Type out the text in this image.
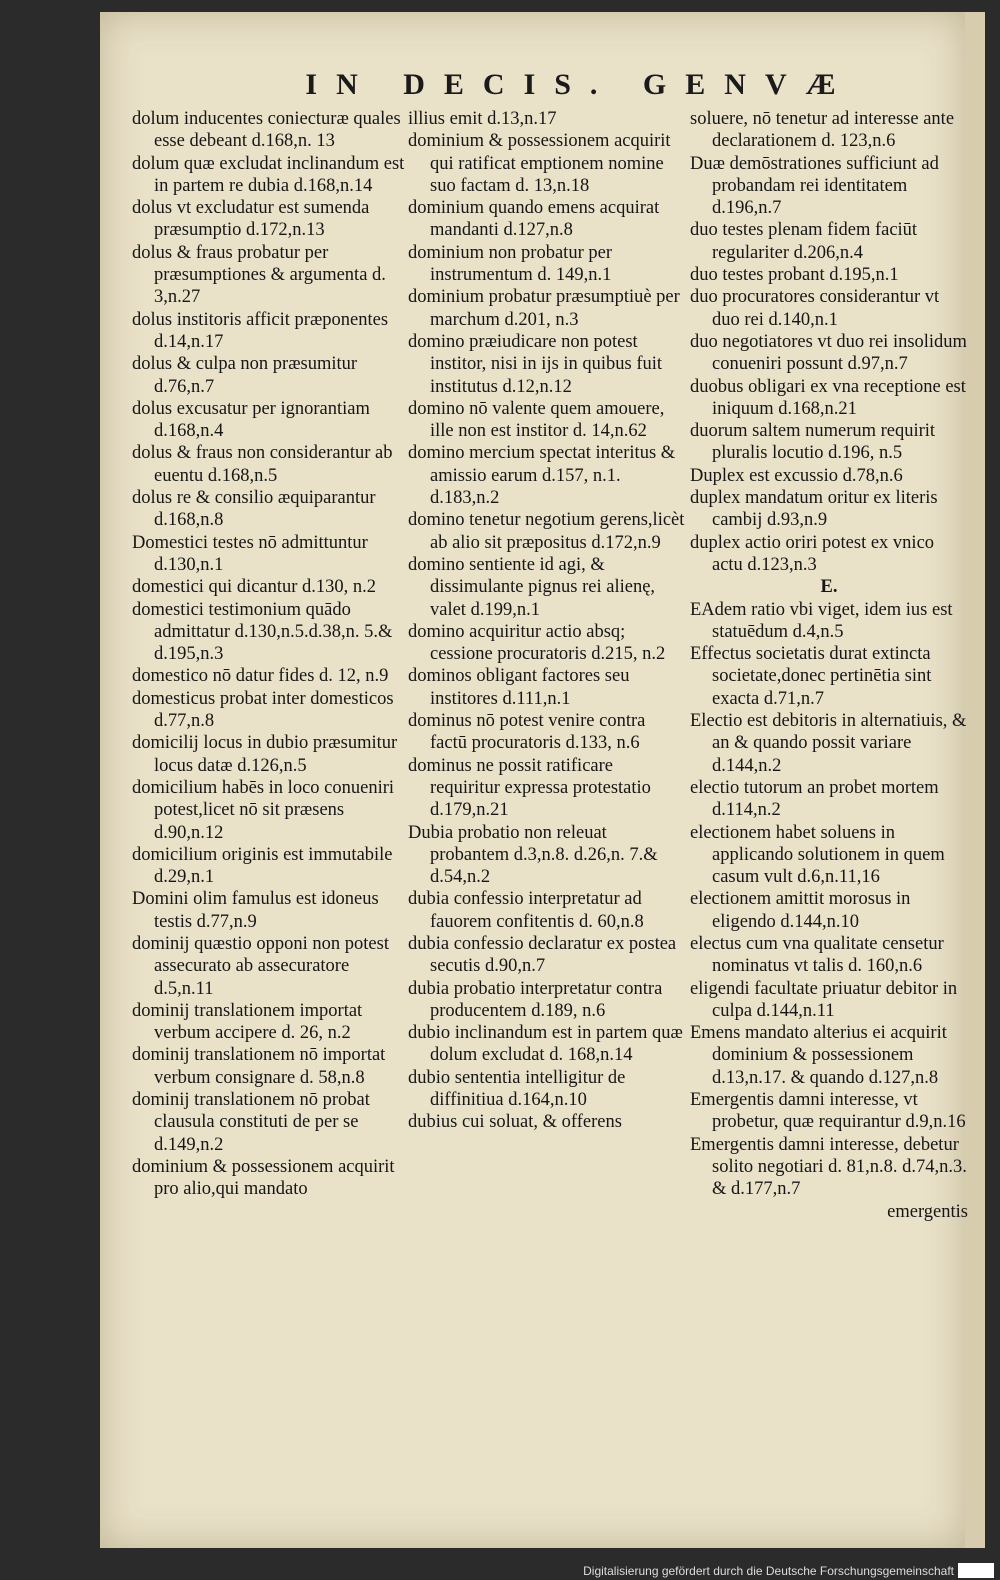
IN DECIS. GENVÆ
dolum inducentes coniecturæ quales esse debeant d.168,n. 13
dolum quæ excludat inclinandum est in partem re dubia d.168,n.14
dolus vt excludatur est sumenda præsumptio d.172,n.13
dolus & fraus probatur per præsumptiones & argumenta d. 3,n.27
dolus institoris afficit præponentes d.14,n.17
dolus & culpa non præsumitur d.76,n.7
dolus excusatur per ignorantiam d.168,n.4
dolus & fraus non considerantur ab euentu d.168,n.5
dolus re & consilio æquiparantur d.168,n.8
Domestici testes nō admittuntur d.130,n.1
domestici qui dicantur d.130, n.2
domestici testimonium quādo admittatur d.130,n.5.d.38,n. 5.& d.195,n.3
domestico nō datur fides d. 12, n.9
domesticus probat inter domesticos d.77,n.8
domicilij locus in dubio præsumitur locus datæ d.126,n.5
domicilium habēs in loco conueniri potest,licet nō sit præsens d.90,n.12
domicilium originis est immutabile d.29,n.1
Domini olim famulus est idoneus testis d.77,n.9
dominij quæstio opponi non potest assecurato ab assecuratore d.5,n.11
dominij translationem importat verbum accipere d. 26, n.2
dominij translationem nō importat verbum consignare d. 58,n.8
dominij translationem nō probat clausula constituti de per se d.149,n.2
dominium & possessionem acquirit pro alio,qui mandato
illius emit d.13,n.17
dominium & possessionem acquirit qui ratificat emptionem nomine suo factam d. 13,n.18
dominium quando emens acquirat mandanti d.127,n.8
dominium non probatur per instrumentum d. 149,n.1
dominium probatur præsumptiuè per marchum d.201, n.3
domino præiudicare non potest institor, nisi in ijs in quibus fuit institutus d.12,n.12
domino nō valente quem amouere, ille non est institor d. 14,n.62
domino mercium spectat interitus & amissio earum d.157, n.1. d.183,n.2
domino tenetur negotium gerens,licèt ab alio sit præpositus d.172,n.9
domino sentiente id agi, & dissimulante pignus rei alienę, valet d.199,n.1
domino acquiritur actio absq; cessione procuratoris d.215, n.2
dominos obligant factores seu institores d.111,n.1
dominus nō potest venire contra factū procuratoris d.133, n.6
dominus ne possit ratificare requiritur expressa protestatio d.179,n.21
Dubia probatio non releuat probantem d.3,n.8. d.26,n. 7.& d.54,n.2
dubia confessio interpretatur ad fauorem confitentis d. 60,n.8
dubia confessio declaratur ex postea secutis d.90,n.7
dubia probatio interpretatur contra producentem d.189, n.6
dubio inclinandum est in partem quæ dolum excludat d. 168,n.14
dubio sententia intelligitur de diffinitiua d.164,n.10
dubius cui soluat, & offerens
soluere, nō tenetur ad interesse ante declarationem d. 123,n.6
Duæ demōstrationes sufficiunt ad probandam rei identitatem d.196,n.7
duo testes plenam fidem faciūt regulariter d.206,n.4
duo testes probant d.195,n.1
duo procuratores considerantur vt duo rei d.140,n.1
duo negotiatores vt duo rei insolidum conueniri possunt d.97,n.7
duobus obligari ex vna receptione est iniquum d.168,n.21
duorum saltem numerum requirit pluralis locutio d.196, n.5
Duplex est excussio d.78,n.6
duplex mandatum oritur ex literis cambij d.93,n.9
duplex actio oriri potest ex vnico actu d.123,n.3
E.
EAdem ratio vbi viget, idem ius est statuēdum d.4,n.5
Effectus societatis durat extincta societate,donec pertinētia sint exacta d.71,n.7
Electio est debitoris in alternatiuis, & an & quando possit variare d.144,n.2
electio tutorum an probet mortem d.114,n.2
electionem habet soluens in applicando solutionem in quem casum vult d.6,n.11,16
electionem amittit morosus in eligendo d.144,n.10
electus cum vna qualitate censetur nominatus vt talis d. 160,n.6
eligendi facultate priuatur debitor in culpa d.144,n.11
Emens mandato alterius ei acquirit dominium & possessionem d.13,n.17. & quando d.127,n.8
Emergentis damni interesse, vt probetur, quæ requirantur d.9,n.16
Emergentis damni interesse, debetur solito negotiari d. 81,n.8. d.74,n.3. & d.177,n.7
emergentis
Digitalisierung gefördert durch die Deutsche Forschungsgemeinschaft
